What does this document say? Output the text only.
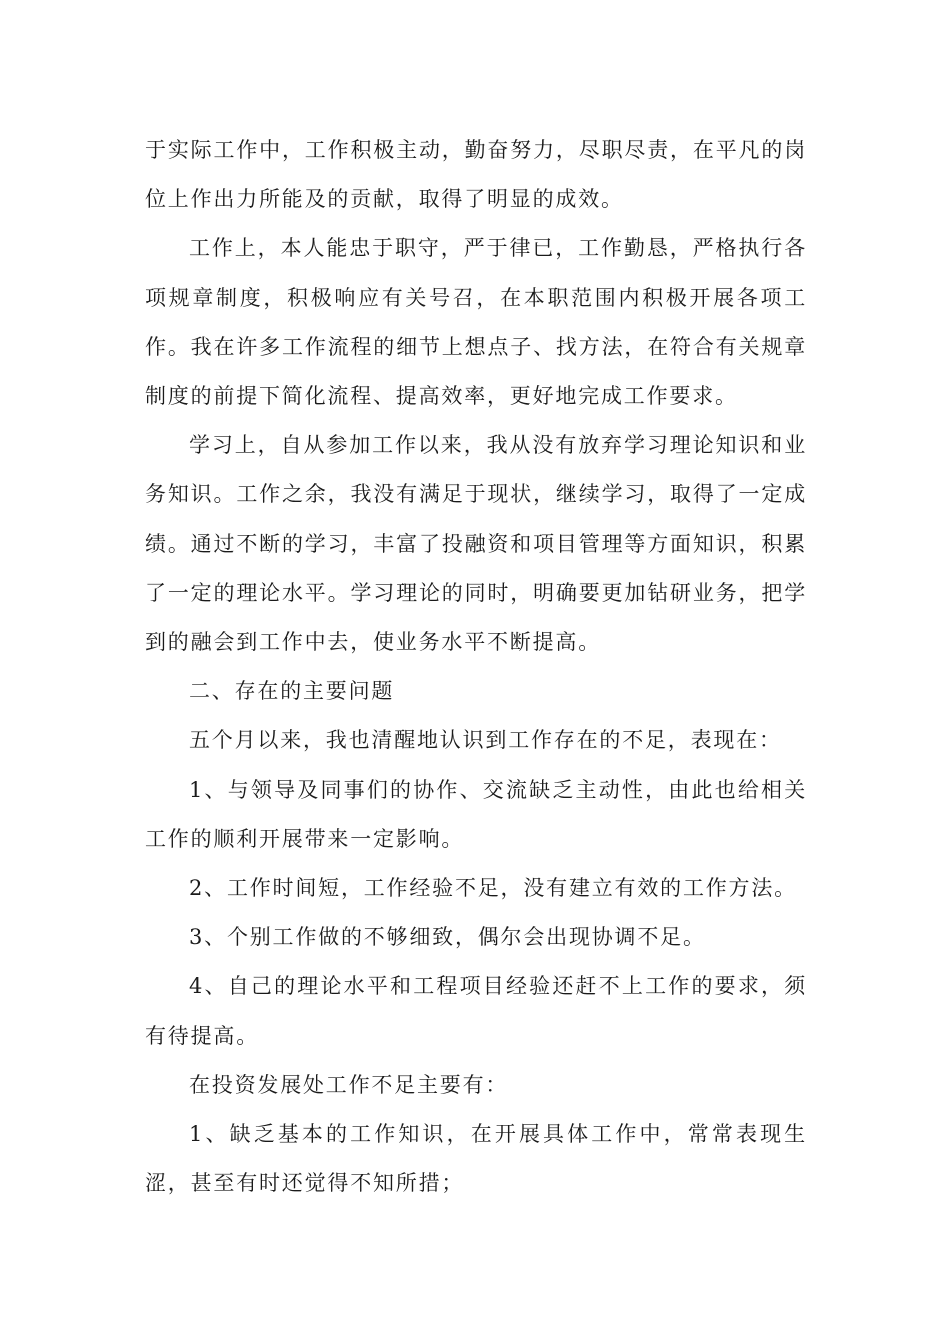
于实际工作中，工作积极主动，勤奋努力，尽职尽责，在平凡的岗位上作出力所能及的贡献，取得了明显的成效。

工作上，本人能忠于职守，严于律已，工作勤恳，严格执行各项规章制度，积极响应有关号召，在本职范围内积极开展各项工作。我在许多工作流程的细节上想点子、找方法，在符合有关规章制度的前提下简化流程、提高效率，更好地完成工作要求。

学习上，自从参加工作以来，我从没有放弃学习理论知识和业务知识。工作之余，我没有满足于现状，继续学习，取得了一定成绩。通过不断的学习，丰富了投融资和项目管理等方面知识，积累了一定的理论水平。学习理论的同时，明确要更加钻研业务，把学到的融会到工作中去，使业务水平不断提高。

二、存在的主要问题

五个月以来，我也清醒地认识到工作存在的不足，表现在：

1、与领导及同事们的协作、交流缺乏主动性，由此也给相关工作的顺利开展带来一定影响。

2、工作时间短，工作经验不足，没有建立有效的工作方法。

3、个别工作做的不够细致，偶尔会出现协调不足。

4、自己的理论水平和工程项目经验还赶不上工作的要求，须有待提高。

在投资发展处工作不足主要有：

1、缺乏基本的工作知识，在开展具体工作中，常常表现生涩，甚至有时还觉得不知所措；
